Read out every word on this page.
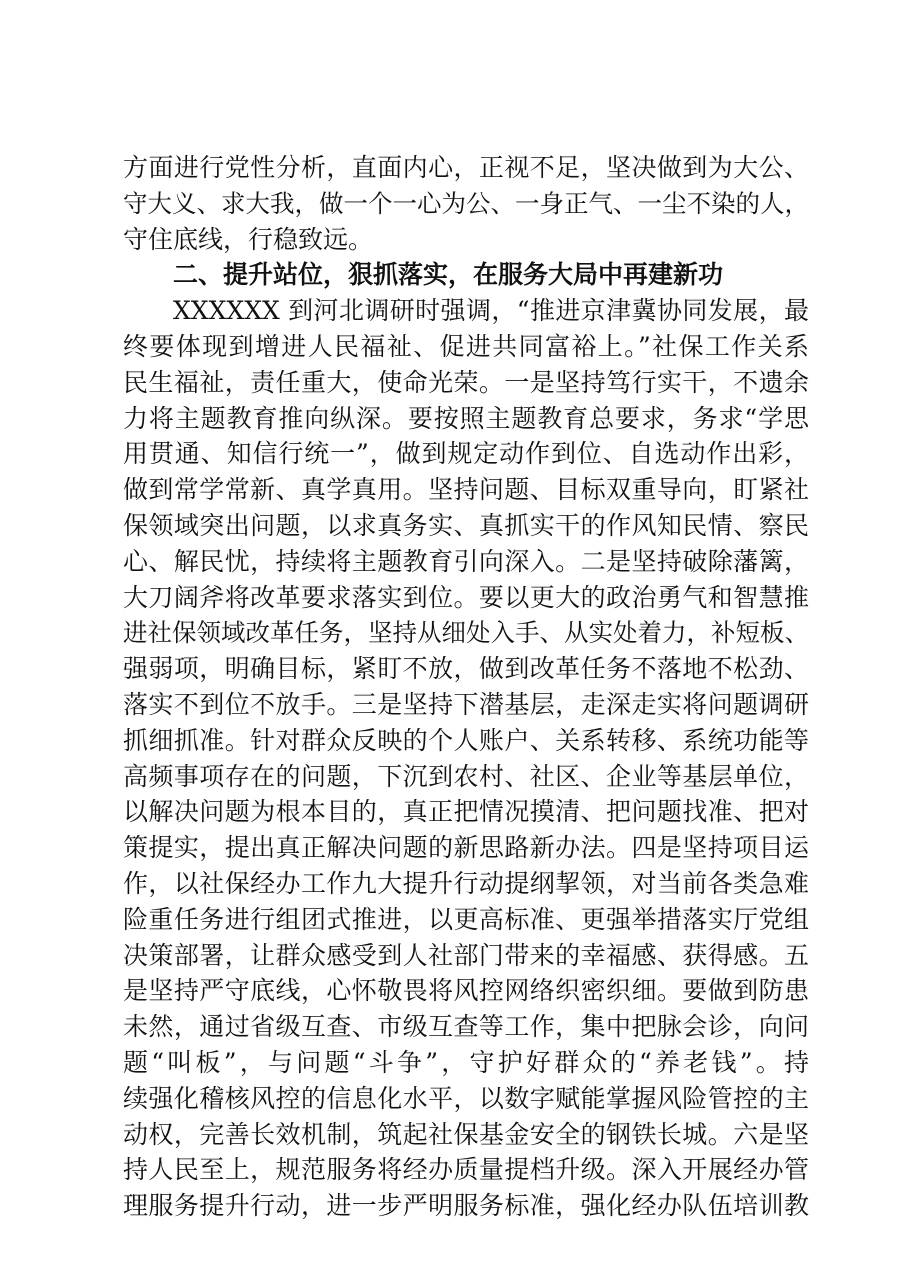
方面进行党性分析，直面内心，正视不足，坚决做到为大公、
守大义、求大我，做一个一心为公、一身正气、一尘不染的人，
守住底线，行稳致远。
二、提升站位，狠抓落实，在服务大局中再建新功
XXXXXX 到河北调研时强调，“推进京津冀协同发展，最
终要体现到增进人民福祉、促进共同富裕上。”社保工作关系
民生福祉，责任重大，使命光荣。一是坚持笃行实干，不遗余
力将主题教育推向纵深。要按照主题教育总要求，务求“学思
用贯通、知信行统一”，做到规定动作到位、自选动作出彩，
做到常学常新、真学真用。坚持问题、目标双重导向，盯紧社
保领域突出问题，以求真务实、真抓实干的作风知民情、察民
心、解民忧，持续将主题教育引向深入。二是坚持破除藩篱，
大刀阔斧将改革要求落实到位。要以更大的政治勇气和智慧推
进社保领域改革任务，坚持从细处入手、从实处着力，补短板、
强弱项，明确目标，紧盯不放，做到改革任务不落地不松劲、
落实不到位不放手。三是坚持下潜基层，走深走实将问题调研
抓细抓准。针对群众反映的个人账户、关系转移、系统功能等
高频事项存在的问题，下沉到农村、社区、企业等基层单位，
以解决问题为根本目的，真正把情况摸清、把问题找准、把对
策提实，提出真正解决问题的新思路新办法。四是坚持项目运
作，以社保经办工作九大提升行动提纲挈领，对当前各类急难
险重任务进行组团式推进，以更高标准、更强举措落实厅党组
决策部署，让群众感受到人社部门带来的幸福感、获得感。五
是坚持严守底线，心怀敬畏将风控网络织密织细。要做到防患
未然，通过省级互查、市级互查等工作，集中把脉会诊，向问
题“叫板”，与问题“斗争”，守护好群众的“养老钱”。持
续强化稽核风控的信息化水平，以数字赋能掌握风险管控的主
动权，完善长效机制，筑起社保基金安全的钢铁长城。六是坚
持人民至上，规范服务将经办质量提档升级。深入开展经办管
理服务提升行动，进一步严明服务标准，强化经办队伍培训教
